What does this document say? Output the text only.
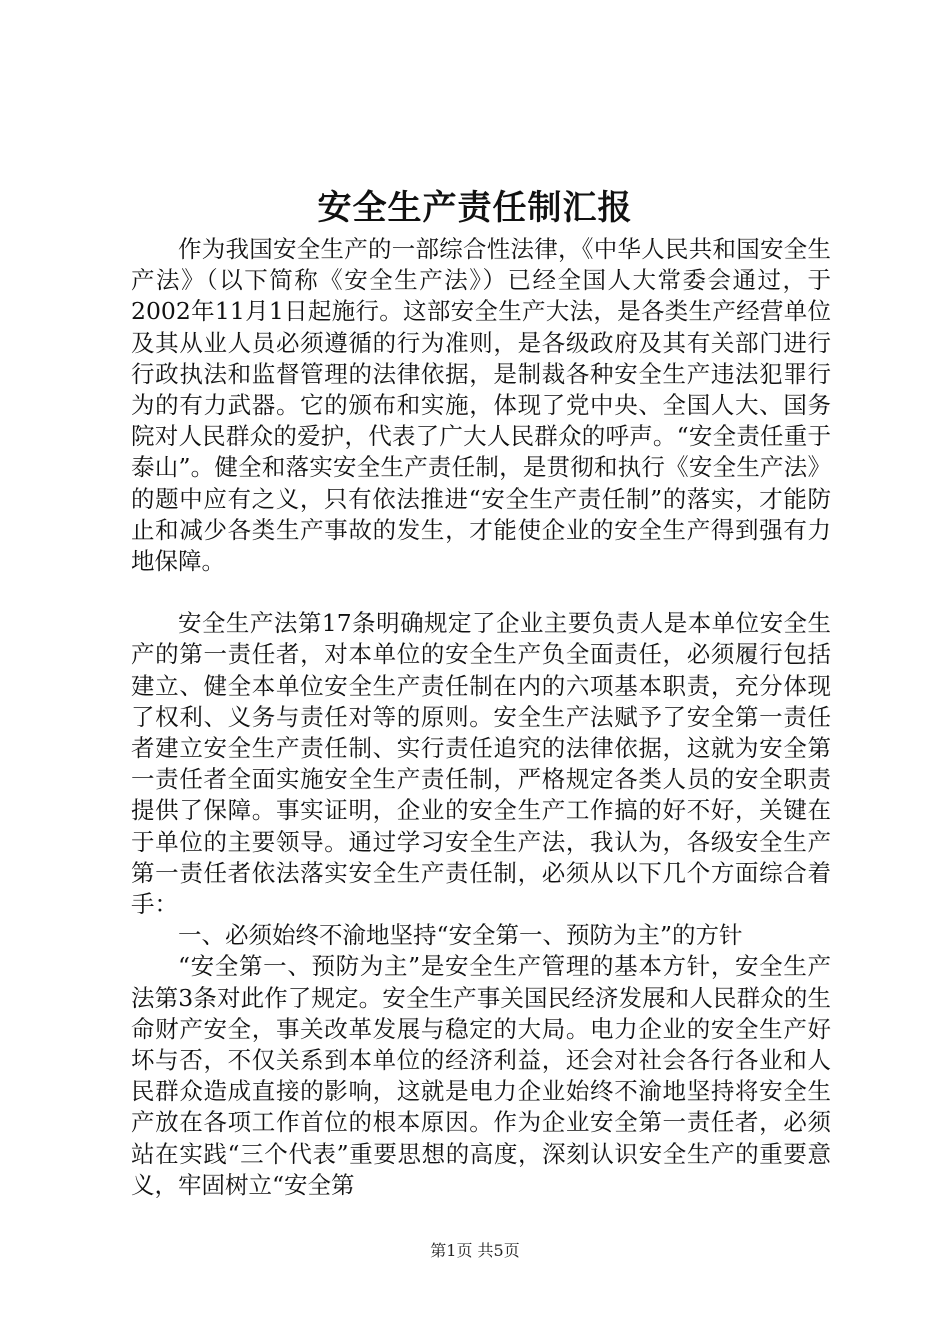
安全生产责任制汇报

作为我国安全生产的一部综合性法律，《中华人民共和国安全生产法》（以下简称《安全生产法》）已经全国人大常委会通过，于2002年11月1日起施行。这部安全生产大法，是各类生产经营单位及其从业人员必须遵循的行为准则，是各级政府及其有关部门进行行政执法和监督管理的法律依据，是制裁各种安全生产违法犯罪行为的有力武器。它的颁布和实施，体现了党中央、全国人大、国务院对人民群众的爱护，代表了广大人民群众的呼声。“安全责任重于泰山”。健全和落实安全生产责任制，是贯彻和执行《安全生产法》的题中应有之义，只有依法推进“安全生产责任制”的落实，才能防止和减少各类生产事故的发生，才能使企业的安全生产得到强有力地保障。

安全生产法第17条明确规定了企业主要负责人是本单位安全生产的第一责任者，对本单位的安全生产负全面责任，必须履行包括建立、健全本单位安全生产责任制在内的六项基本职责，充分体现了权利、义务与责任对等的原则。安全生产法赋予了安全第一责任者建立安全生产责任制、实行责任追究的法律依据，这就为安全第一责任者全面实施安全生产责任制，严格规定各类人员的安全职责提供了保障。事实证明，企业的安全生产工作搞的好不好，关键在于单位的主要领导。通过学习安全生产法，我认为，各级安全生产第一责任者依法落实安全生产责任制，必须从以下几个方面综合着手：

一、必须始终不渝地坚持“安全第一、预防为主”的方针

“安全第一、预防为主”是安全生产管理的基本方针，安全生产法第3条对此作了规定。安全生产事关国民经济发展和人民群众的生命财产安全，事关改革发展与稳定的大局。电力企业的安全生产好坏与否，不仅关系到本单位的经济利益，还会对社会各行各业和人民群众造成直接的影响，这就是电力企业始终不渝地坚持将安全生产放在各项工作首位的根本原因。作为企业安全第一责任者，必须站在实践“三个代表”重要思想的高度，深刻认识安全生产的重要意义，牢固树立“安全第

第1页 共5页
